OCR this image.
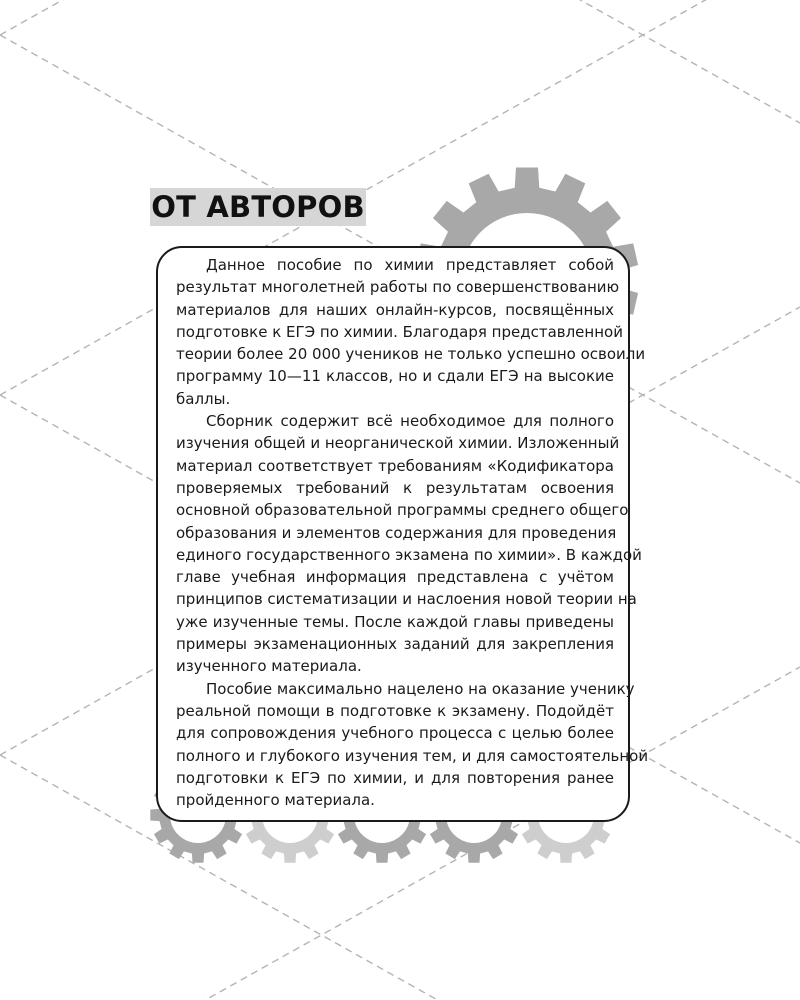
ОТ АВТОРОВ
Данное пособие по химии представляет собой
результат многолетней работы по совершенствованию
материалов для наших онлайн-курсов, посвящённых
подготовке к ЕГЭ по химии. Благодаря представленной
теории более 20 000 учеников не только успешно освоили
программу 10—11 классов, но и сдали ЕГЭ на высокие
баллы.
Сборник содержит всё необходимое для полного
изучения общей и неорганической химии. Изложенный
материал соответствует требованиям «Кодификатора
проверяемых требований к результатам освоения
основной образовательной программы среднего общего
образования и элементов содержания для проведения
единого государственного экзамена по химии». В каждой
главе учебная информация представлена с учётом
принципов систематизации и наслоения новой теории на
уже изученные темы. После каждой главы приведены
примеры экзаменационных заданий для закрепления
изученного материала.
Пособие максимально нацелено на оказание ученику
реальной помощи в подготовке к экзамену. Подойдёт
для сопровождения учебного процесса с целью более
полного и глубокого изучения тем, и для самостоятельной
подготовки к ЕГЭ по химии, и для повторения ранее
пройденного материала.
